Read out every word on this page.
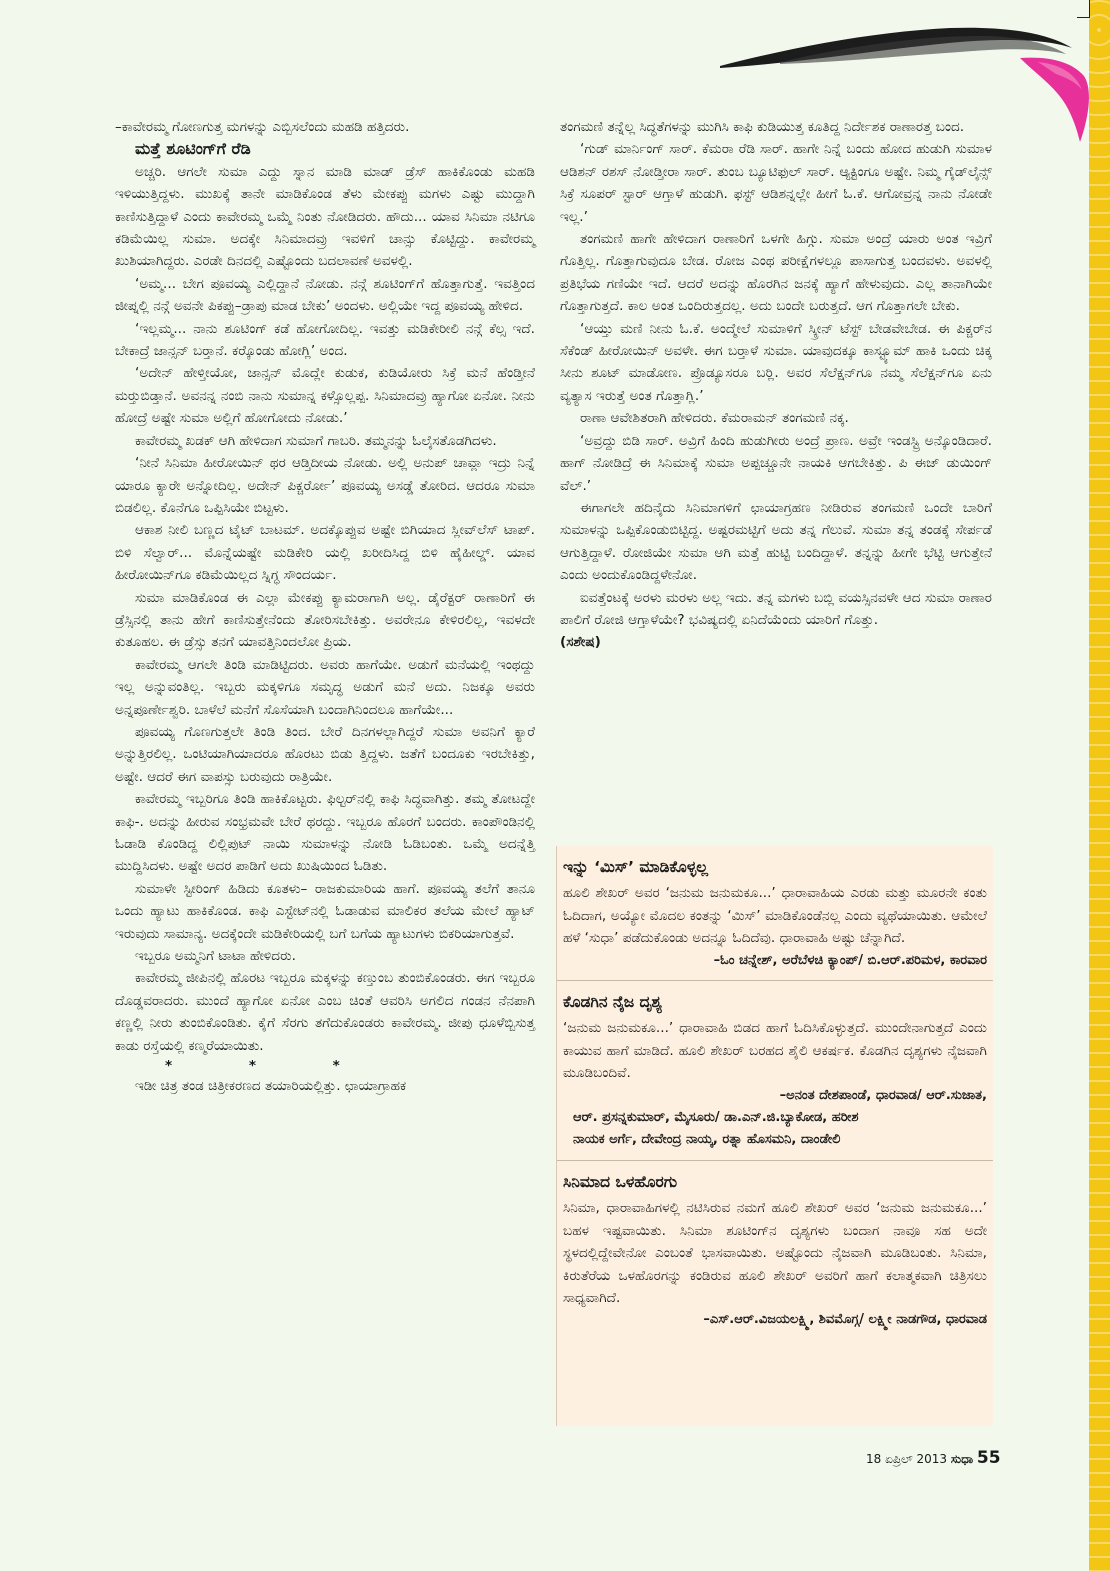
–ಕಾವೇರಮ್ಮ ಗೋಣಗುತ್ತ ಮಗಳನ್ನು ಎಬ್ಬಿಸಲೆಂದು ಮಹಡಿ ಹತ್ತಿದರು.

ಮತ್ತೆ ಶೂಟಿಂಗ್‌ಗೆ ರೆಡಿ

ಅಚ್ಚರಿ. ಆಗಲೇ ಸುಮಾ ಎದ್ದು ಸ್ನಾನ ಮಾಡಿ ಮಾಡ್ ಡ್ರೆಸ್ ಹಾಕಿಕೊಂಡು ಮಹಡಿ ಇಳಿಯುತ್ತಿದ್ದಳು. ಮುಖಕ್ಕೆ ತಾನೇ ಮಾಡಿಕೊಂಡ ತೆಳು ಮೇಕಪ್ಪು ಮಗಳು ಎಷ್ಟು ಮುದ್ದಾಗಿ ಕಾಣಿಸುತ್ತಿದ್ದಾಳೆ ಎಂದು ಕಾವೇರಮ್ಮ ಒಮ್ಮೆ ನಿಂತು ನೋಡಿದರು. ಹೌದು... ಯಾವ ಸಿನಿಮಾ ನಟಿಗೂ ಕಡಿಮೆಯಿಲ್ಲ ಸುಮಾ. ಅದಕ್ಕೇ ಸಿನಿಮಾದವ್ರು ಇವಳಿಗೆ ಚಾನ್ಸು ಕೊಟ್ಟಿದ್ದು. ಕಾವೇರಮ್ಮ ಖುಶಿಯಾಗಿದ್ದರು. ಎರಡೇ ದಿನದಲ್ಲಿ ಎಷ್ಟೊಂದು ಬದಲಾವಣೆ ಅವಳಲ್ಲಿ.

‘ಅಮ್ಮ... ಬೇಗ ಪೂವಯ್ಯ ಎಲ್ಲಿದ್ದಾನೆ ನೋಡು. ನನ್ಗೆ ಶೂಟಿಂಗ್‌ಗೆ ಹೊತ್ತಾಗುತ್ತೆ. ಇವತ್ತಿಂದ ಜೀಪ್ನಲ್ಲಿ ನನ್ಗೆ ಅವನೇ ಪಿಕಪ್ಪು–ಡ್ರಾಪು ಮಾಡ ಬೇಕು’ ಅಂದಳು. ಅಲ್ಲಿಯೇ ಇದ್ದ ಪೂವಯ್ಯ ಹೇಳಿದ.

‘ಇಲ್ಲಮ್ಮ... ನಾನು ಶೂಟಿಂಗ್ ಕಡೆ ಹೋಗೋದಿಲ್ಲ. ಇವತ್ತು ಮಡಿಕೇರೀಲಿ ನನ್ಗೆ ಕೆಲ್ಸ ಇದೆ. ಬೇಕಾದ್ರೆ ಜಾನ್ಸನ್ ಬರ್‍ತಾನೆ. ಕರ್‍ಕೊಂಡು ಹೋಗ್ಲಿ’ ಅಂದ.

‘ಅದೇನ್ ಹೇಳ್ತೀಯೋ, ಜಾನ್ಸನ್ ಮೊದ್ಲೇ ಕುಡುಕ, ಕುಡಿಯೋರು ಸಿಕ್ರೆ ಮನೆ ಹೆಂಡ್ತೀನೆ ಮರ್‍ತುಬಿಡ್ತಾನೆ. ಅವನನ್ನ ನಂಬಿ ನಾನು ಸುಮಾನ್ನ ಕಳ್ಸೊಲ್ಲಪ್ಪ. ಸಿನಿಮಾದವ್ರು ಹ್ಯಾಗೋ ಏನೋ. ನೀನು ಹೋದ್ರೆ ಅಷ್ಟೇ ಸುಮಾ ಅಲ್ಲಿಗೆ ಹೋಗೋದು ನೋಡು.’

ಕಾವೇರಮ್ಮ ಖಡಕ್ ಆಗಿ ಹೇಳಿದಾಗ ಸುಮಾಗೆ ಗಾಬರಿ. ತಮ್ಮನನ್ನು ಓಲೈಸತೊಡಗಿದಳು.

‘ನೀನೆ ಸಿನಿಮಾ ಹೀರೋಯಿನ್ ಥರ ಆಡ್ತಿದೀಯ ನೋಡು. ಅಲ್ಲಿ ಅನುಪ್ ಚಾವ್ಲಾ ಇದ್ರು ನಿನ್ನೆ ಯಾರೂ ಕ್ಯಾರೇ ಅನ್ನೋದಿಲ್ಲ. ಅದೇನ್ ಪಿಕ್ಚರ್ರೋ’ ಪೂವಯ್ಯ ಅಸಡ್ಡೆ ತೋರಿದ. ಆದರೂ ಸುಮಾ ಬಿಡಲಿಲ್ಲ. ಕೊನೆಗೂ ಒಪ್ಪಿಸಿಯೇ ಬಿಟ್ಟಳು.

ಆಕಾಶ ನೀಲಿ ಬಣ್ಣದ ಟೈಟ್ ಬಾಟಮ್. ಅದಕ್ಕೊಪ್ಪುವ ಅಷ್ಟೇ ಬಿಗಿಯಾದ ಸ್ಲೀವ್‌ಲೆಸ್ ಟಾಪ್. ಬಿಳಿ ಸೆಲ್ವಾರ್... ಮೊನ್ನೆಯಷ್ಟೇ ಮಡಿಕೇರಿ ಯಲ್ಲಿ ಖರೀದಿಸಿದ್ದ ಬಿಳಿ ಹೈಹೀಲ್ಡ್. ಯಾವ ಹೀರೋಯಿನ್‌ಗೂ ಕಡಿಮೆಯಿಲ್ಲದ ಸ್ನಿಗ್ಧ ಸೌಂದರ್ಯ.

ಸುಮಾ ಮಾಡಿಕೊಂಡ ಈ ಎಲ್ಲಾ ಮೇಕಪ್ಪು ಕ್ಯಾಮರಾಗಾಗಿ ಅಲ್ಲ. ಡೈರೆಕ್ಟರ್ ರಾಣಾರಿಗೆ ಈ ಡ್ರೆಸ್ಸಿನಲ್ಲಿ ತಾನು ಹೇಗೆ ಕಾಣಿಸುತ್ತೇನೆಂದು ತೋರಿಸಬೇಕಿತ್ತು. ಅವರೇನೂ ಕೇಳಿರಲಿಲ್ಲ, ಇವಳದೇ ಕುತೂಹಲ. ಈ ಡ್ರೆಸ್ಸು ತನಗೆ ಯಾವತ್ತಿನಿಂದಲೋ ಪ್ರಿಯ.

ಕಾವೇರಮ್ಮ ಆಗಲೇ ತಿಂಡಿ ಮಾಡಿಟ್ಟಿದರು. ಅವರು ಹಾಗೆಯೇ. ಅಡುಗೆ ಮನೆಯಲ್ಲಿ ಇಂಥದ್ದು ಇಲ್ಲ ಅನ್ನುವಂತಿಲ್ಲ. ಇಬ್ಬರು ಮಕ್ಕಳಿಗೂ ಸಮೃದ್ಧ ಅಡುಗೆ ಮನೆ ಅದು. ನಿಜಕ್ಕೂ ಅವರು ಅನ್ನಪೂರ್ಣೇಶ್ವರಿ. ಬಾಳೆಲೆ ಮನೆಗೆ ಸೊಸೆಯಾಗಿ ಬಂದಾಗಿನಿಂದಲೂ ಹಾಗೆಯೇ...

ಪೂವಯ್ಯ ಗೊಣಗುತ್ತಲೇ ತಿಂಡಿ ತಿಂದ. ಬೇರೆ ದಿನಗಳಲ್ಲಾಗಿದ್ದರೆ ಸುಮಾ ಅವನಿಗೆ ಕ್ಯಾರೆ ಅನ್ನುತ್ತಿರಲಿಲ್ಲ. ಒಂಟಿಯಾಗಿಯಾದರೂ ಹೊರಟು ಬಿಡು ತ್ತಿದ್ದಳು. ಜತೆಗೆ ಬಂದೂಕು ಇರಬೇಕಿತ್ತು, ಅಷ್ಟೇ. ಆದರೆ ಈಗ ವಾಪಸ್ಸು ಬರುವುದು ರಾತ್ರಿಯೇ.

ಕಾವೇರಮ್ಮ ಇಬ್ಬರಿಗೂ ತಿಂಡಿ ಹಾಕಿಕೊಟ್ಟರು. ಫಿಲ್ಟರ್‌ನಲ್ಲಿ ಕಾಫಿ ಸಿದ್ಧವಾಗಿತ್ತು. ತಮ್ಮ ತೋಟದ್ದೇ ಕಾಫಿ-. ಅದನ್ನು ಹೀರುವ ಸಂಭ್ರಮವೇ ಬೇರೆ ಥರದ್ದು. ಇಬ್ಬರೂ ಹೊರಗೆ ಬಂದರು. ಕಾಂಪೌಂಡಿನಲ್ಲಿ ಓಡಾಡಿ ಕೊಂಡಿದ್ದ ಲಿಲ್ಲಿಪುಟ್ ನಾಯಿ ಸುಮಾಳನ್ನು ನೋಡಿ ಓಡಿಬಂತು. ಒಮ್ಮೆ ಅದನ್ನೆತ್ತಿ ಮುದ್ದಿಸಿದಳು. ಅಷ್ಟೇ ಅದರ ಪಾಡಿಗೆ ಅದು ಖುಷಿಯಿಂದ ಓಡಿತು.

ಸುಮಾಳೇ ಸ್ಟೀರಿಂಗ್ ಹಿಡಿದು ಕೂತಳು– ರಾಜಕುಮಾರಿಯ ಹಾಗೆ. ಪೂವಯ್ಯ ತಲೆಗೆ ತಾನೂ ಒಂದು ಹ್ಯಾಟು ಹಾಕಿಕೊಂಡ. ಕಾಫಿ ಎಸ್ಟೇಟ್‌ನಲ್ಲಿ ಓಡಾಡುವ ಮಾಲಿಕರ ತಲೆಯ ಮೇಲೆ ಹ್ಯಾಟ್ ಇರುವುದು ಸಾಮಾನ್ಯ. ಅದಕ್ಕೆಂದೇ ಮಡಿಕೇರಿಯಲ್ಲಿ ಬಗೆ ಬಗೆಯ ಹ್ಯಾಟುಗಳು ಬಿಕರಿಯಾಗುತ್ತವೆ.

ಇಬ್ಬರೂ ಅಮ್ಮನಿಗೆ ಟಾಟಾ ಹೇಳಿದರು.

ಕಾವೇರಮ್ಮ ಜೀಪಿನಲ್ಲಿ ಹೊರಟ ಇಬ್ಬರೂ ಮಕ್ಕಳನ್ನು ಕಣ್ತುಂಬ ತುಂಬಿಕೊಂಡರು. ಈಗ ಇಬ್ಬರೂ ದೊಡ್ಡವರಾದರು. ಮುಂದೆ ಹ್ಯಾಗೋ ಏನೋ ಎಂಬ ಚಿಂತೆ ಆವರಿಸಿ ಅಗಲಿದ ಗಂಡನ ನೆನಪಾಗಿ ಕಣ್ಣಲ್ಲಿ ನೀರು ತುಂಬಿಕೊಂಡಿತು. ಕೈಗೆ ಸೆರಗು ತಗೆದುಕೊಂಡರು ಕಾವೇರಮ್ಮ. ಜೀಪು ಧೂಳೆಬ್ಬಿಸುತ್ತ ಕಾಡು ರಸ್ತೆಯಲ್ಲಿ ಕಣ್ಮರೆಯಾಯಿತು.

* * *

ಇಡೀ ಚಿತ್ರ ತಂಡ ಚಿತ್ರೀಕರಣದ ತಯಾರಿಯಲ್ಲಿತ್ತು. ಛಾಯಾಗ್ರಾಹಕ

ತಂಗಮಣಿ ತನ್ನೆಲ್ಲ ಸಿದ್ಧತೆಗಳನ್ನು ಮುಗಿಸಿ ಕಾಫಿ ಕುಡಿಯುತ್ತ ಕೂತಿದ್ದ ನಿರ್ದೇಶಕ ರಾಣಾರತ್ತ ಬಂದ.

‘ಗುಡ್ ಮಾರ್ನಿಂಗ್ ಸಾರ್. ಕೆಮರಾ ರೆಡಿ ಸಾರ್. ಹಾಗೇ ನಿನ್ನೆ ಬಂದು ಹೋದ ಹುಡುಗಿ ಸುಮಾಳ ಆಡಿಶನ್ ರಶಸ್ ನೋಡ್ತೀರಾ ಸಾರ್. ತುಂಬ ಬ್ಯೂಟಿಫುಲ್ ಸಾರ್. ಆ್ಯಕ್ಟಿಂಗೂ ಅಷ್ಟೇ. ನಿಮ್ಮ ಗೈಡ್‌ಲೈನ್ಸ್ ಸಿಕ್ರೆ ಸೂಪರ್ ಸ್ಟಾರ್ ಆಗ್ತಾಳೆ ಹುಡುಗಿ. ಫಸ್ಟ್ ಆಡಿಶನ್ನಲ್ಲೇ ಹೀಗೆ ಓ.ಕೆ. ಆಗೋವ್ರನ್ನ ನಾನು ನೋಡೇ ಇಲ್ಲ.’

ತಂಗಮಣಿ ಹಾಗೇ ಹೇಳಿದಾಗ ರಾಣಾರಿಗೆ ಒಳಗೇ ಹಿಗ್ಗು. ಸುಮಾ ಅಂದ್ರೆ ಯಾರು ಅಂತ ಇವ್ರಿಗೆ ಗೊತ್ತಿಲ್ಲ. ಗೊತ್ತಾಗುವುದೂ ಬೇಡ. ರೋಜ ಎಂಥ ಪರೀಕ್ಷೆಗಳಲ್ಲೂ ಪಾಸಾಗುತ್ತ ಬಂದವಳು. ಅವಳಲ್ಲಿ ಪ್ರತಿಭೆಯ ಗಣಿಯೇ ಇದೆ. ಆದರೆ ಅದನ್ನು ಹೊರಗಿನ ಜನಕ್ಕೆ ಹ್ಯಾಗೆ ಹೇಳುವುದು. ಎಲ್ಲ ತಾನಾಗಿಯೇ ಗೊತ್ತಾಗುತ್ತದೆ. ಕಾಲ ಅಂತ ಒಂದಿರುತ್ತದಲ್ಲ. ಅದು ಬಂದೇ ಬರುತ್ತದೆ. ಆಗ ಗೊತ್ತಾಗಲೇ ಬೇಕು.

‘ಆಯ್ತು ಮಣಿ ನೀನು ಓ.ಕೆ. ಅಂದ್ಮೇಲೆ ಸುಮಾಳಿಗೆ ಸ್ಕ್ರೀನ್ ಟೆಸ್ಟ್ ಬೇಡವೇಬೇಡ. ಈ ಪಿಕ್ಚರ್‌ನ ಸೆಕೆಂಡ್ ಹೀರೋಯಿನ್ ಅವಳೇ. ಈಗ ಬರ್‍ತಾಳೆ ಸುಮಾ. ಯಾವುದಕ್ಕೂ ಕಾಸ್ಟ್ಯೂಮ್ ಹಾಕಿ ಒಂದು ಚಿಕ್ಕ ಸೀನು ಶೂಟ್ ಮಾಡೋಣ. ಪ್ರೊಡ್ಯೂಸರೂ ಬರ್‍ಲಿ. ಅವರ ಸೆಲೆಕ್ಷನ್‌ಗೂ ನಮ್ಮ ಸೆಲೆಕ್ಷನ್‌ಗೂ ಏನು ವ್ಯತ್ಯಾಸ ಇರುತ್ತೆ ಅಂತ ಗೊತ್ತಾಗ್ಲಿ.’

ರಾಣಾ ಆವೇಶಿತರಾಗಿ ಹೇಳಿದರು. ಕೆಮರಾಮನ್ ತಂಗಮಣಿ ನಕ್ಕ.

‘ಅವ್ರದ್ದು ಬಿಡಿ ಸಾರ್. ಅವ್ರಿಗೆ ಹಿಂದಿ ಹುಡುಗೀರು ಅಂದ್ರೆ ಪ್ರಾಣ. ಅವ್ರೇ ಇಂಡಸ್ಟ್ರಿ ಅನ್ಕೊಂಡಿದಾರೆ. ಹಾಗ್ ನೋಡಿದ್ರೆ ಈ ಸಿನಿಮಾಕ್ಕೆ ಸುಮಾ ಅಪ್ಪಚ್ಚೂನೇ ನಾಯಕಿ ಆಗಬೇಕಿತ್ತು. ಪಿ ಈಜ್ ಡುಯಿಂಗ್ ವೆಲ್.’

ಈಗಾಗಲೇ ಹದಿನೈದು ಸಿನಿಮಾಗಳಿಗೆ ಛಾಯಾಗ್ರಹಣ ನೀಡಿರುವ ತಂಗಮಣಿ ಒಂದೇ ಬಾರಿಗೆ ಸುಮಾಳನ್ನು ಒಪ್ಪಿಕೊಂಡುಬಿಟ್ಟಿದ್ದ. ಅಷ್ಟರಮಟ್ಟಿಗೆ ಅದು ತನ್ನ ಗೆಲುವೆ. ಸುಮಾ ತನ್ನ ತಂಡಕ್ಕೆ ಸೇರ್ಪಡೆ ಆಗುತ್ತಿದ್ದಾಳೆ. ರೋಜಿಯೇ ಸುಮಾ ಆಗಿ ಮತ್ತೆ ಹುಟ್ಟಿ ಬಂದಿದ್ದಾಳೆ. ತನ್ನನ್ನು ಹೀಗೇ ಭೆಟ್ಟಿ ಆಗುತ್ತೇನೆ ಎಂದು ಅಂದುಕೊಂಡಿದ್ದಳೇನೋ.

ಐವತ್ತೆಂಟಕ್ಕೆ ಅರಳು ಮರಳು ಅಲ್ಲ ಇದು. ತನ್ನ ಮಗಳು ಬಬ್ಲಿ ವಯಸ್ಸಿನವಳೇ ಆದ ಸುಮಾ ರಾಣಾರ ಪಾಲಿಗೆ ರೋಜಿ ಆಗ್ತಾಳೆಯೇ? ಭವಿಷ್ಯದಲ್ಲಿ ಏನಿದೆಯೆಂದು ಯಾರಿಗೆ ಗೊತ್ತು.

(ಸಶೇಷ)

ಇನ್ನು ‘ಮಿಸ್’ ಮಾಡಿಕೊಳ್ಳಲ್ಲ
ಹೂಲಿ ಶೇಖರ್ ಅವರ ‘ಜನುಮ ಜನುಮಕೂ...’ ಧಾರಾವಾಹಿಯ ಎರಡು ಮತ್ತು ಮೂರನೇ ಕಂತು ಓದಿದಾಗ, ಅಯ್ಯೋ ಮೊದಲ ಕಂತನ್ನು ‘ಮಿಸ್’ ಮಾಡಿಕೊಂಡೆನಲ್ಲ ಎಂದು ವ್ಯಥೆಯಾಯಿತು. ಆಮೇಲೆ ಹಳೆ ‘ಸುಧಾ’ ಪಡೆದುಕೊಂಡು ಅದನ್ನೂ ಓದಿದೆವು. ಧಾರಾವಾಹಿ ಅಷ್ಟು ಚೆನ್ನಾಗಿದೆ.
–ಓಂ ಚನ್ನೇಶ್, ಅರೆಬೆಳಚಿ ಕ್ಯಾಂಪ್/ ಬಿ.ಆರ್.ಪರಿಮಳ, ಕಾರವಾರ
ಕೊಡಗಿನ ನೈಜ ದೃಶ್ಯ
‘ಜನುಮ ಜನುಮಕೂ...’ ಧಾರಾವಾಹಿ ಬಿಡದ ಹಾಗೆ ಓದಿಸಿಕೊಳ್ಳುತ್ತದೆ. ಮುಂದೇನಾಗುತ್ತದೆ ಎಂದು ಕಾಯುವ ಹಾಗೆ ಮಾಡಿದೆ. ಹೂಲಿ ಶೇಖರ್ ಬರಹದ ಶೈಲಿ ಆಕರ್ಷಕ. ಕೊಡಗಿನ ದೃಶ್ಯಗಳು ನೈಜವಾಗಿ ಮೂಡಿಬಂದಿವೆ.
–ಅನಂತ ದೇಶಪಾಂಡೆ, ಧಾರವಾಡ/ ಆರ್.ಸುಜಾತ,
ಆರ್. ಪ್ರಸನ್ನಕುಮಾರ್, ಮೈಸೂರು/ ಡಾ.ಎನ್.ಜಿ.ಬ್ಯಾಕೋಡ, ಹರೀಶ
ನಾಯಕ ಅರ್ಗೆ, ದೇವೇಂದ್ರ ನಾಯ್ಕ, ರತ್ನಾ ಹೊಸಮನಿ, ದಾಂಡೇಲಿ
ಸಿನಿಮಾದ ಒಳಹೊರಗು
ಸಿನಿಮಾ, ಧಾರಾವಾಹಿಗಳಲ್ಲಿ ನಟಿಸಿರುವ ನಮಗೆ ಹೂಲಿ ಶೇಖರ್ ಅವರ ‘ಜನುಮ ಜನುಮಕೂ...’ ಬಹಳ ಇಷ್ಟವಾಯಿತು. ಸಿನಿಮಾ ಶೂಟಿಂಗ್‌ನ ದೃಶ್ಯಗಳು ಬಂದಾಗ ನಾವೂ ಸಹ ಅದೇ ಸ್ಥಳದಲ್ಲಿದ್ದೇವೇನೋ ಎಂಬಂತೆ ಭಾಸವಾಯಿತು. ಅಷ್ಟೊಂದು ನೈಜವಾಗಿ ಮೂಡಿಬಂತು. ಸಿನಿಮಾ, ಕಿರುತೆರೆಯ ಒಳಹೊರಗನ್ನು ಕಂಡಿರುವ ಹೂಲಿ ಶೇಖರ್ ಅವರಿಗೆ ಹಾಗೆ ಕಲಾತ್ಮಕವಾಗಿ ಚಿತ್ರಿಸಲು ಸಾಧ್ಯವಾಗಿದೆ.
–ಎಸ್.ಆರ್.ವಿಜಯಲಕ್ಷ್ಮಿ, ಶಿವಮೊಗ್ಗ/ ಲಕ್ಷ್ಮೀ ನಾಡಗೌಡ, ಧಾರವಾಡ
18 ಏಪ್ರಿಲ್ 2013 ಸುಧಾ 55
